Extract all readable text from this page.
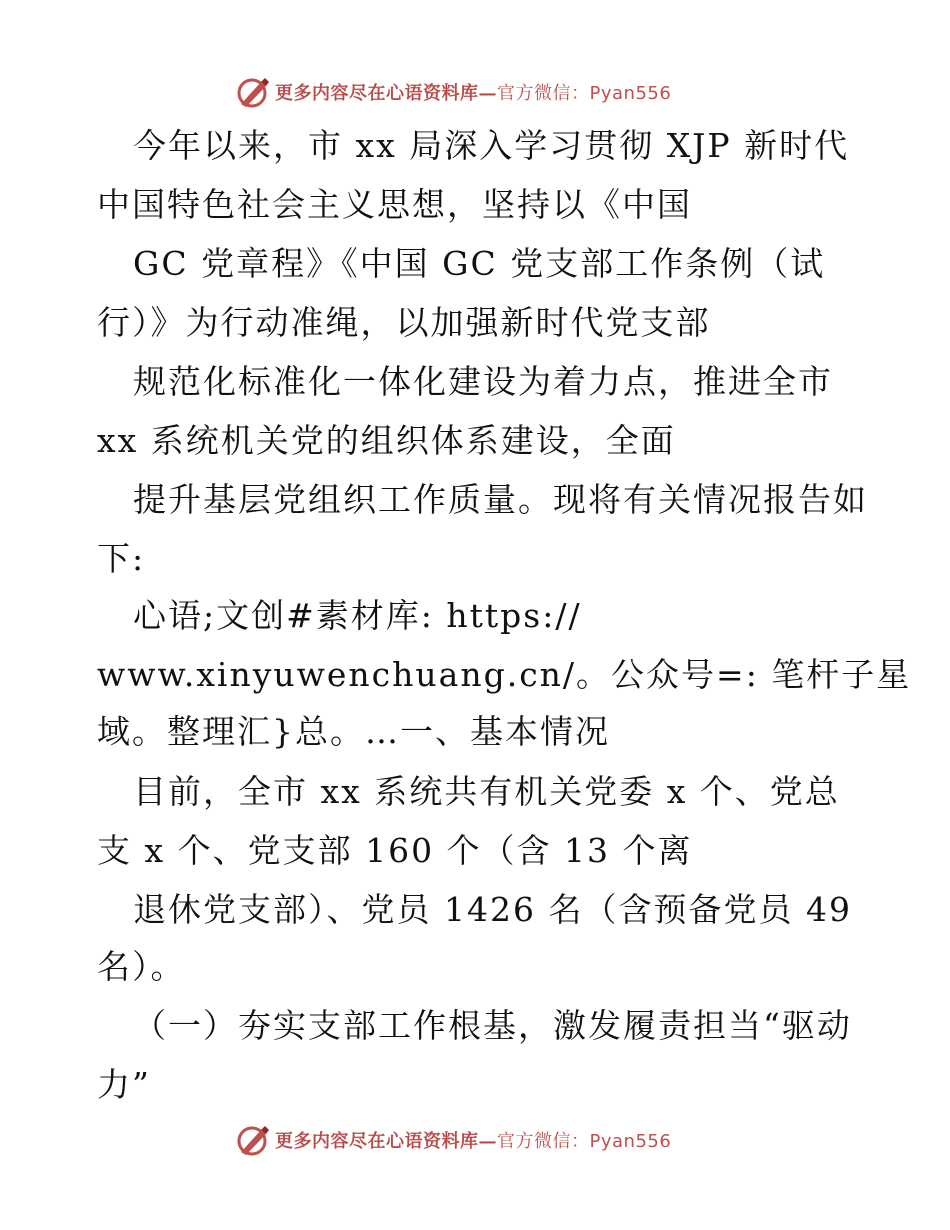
更多内容尽在心语资料库— 官方微信：Pyan556
今年以来，市 xx 局深入学习贯彻 XJP 新时代
中国特色社会主义思想，坚持以《中国
GC 党章程》《中国 GC 党支部工作条例（试
行）》为行动准绳，以加强新时代党支部
规范化标准化一体化建设为着力点，推进全市
xx 系统机关党的组织体系建设，全面
提升基层党组织工作质量。现将有关情况报告如
下:
心语;文创#素材库: https://
www.xinyuwenchuang.cn/。公众号=: 笔杆子星
域。整理汇}总。…一、基本情况
目前，全市 xx 系统共有机关党委 x 个、党总
支 x 个、党支部 160 个（含 13 个离
退休党支部）、党员 1426 名（含预备党员 49
名）。
（一）夯实支部工作根基，激发履责担当“驱动
力”
更多内容尽在心语资料库— 官方微信：Pyan556
